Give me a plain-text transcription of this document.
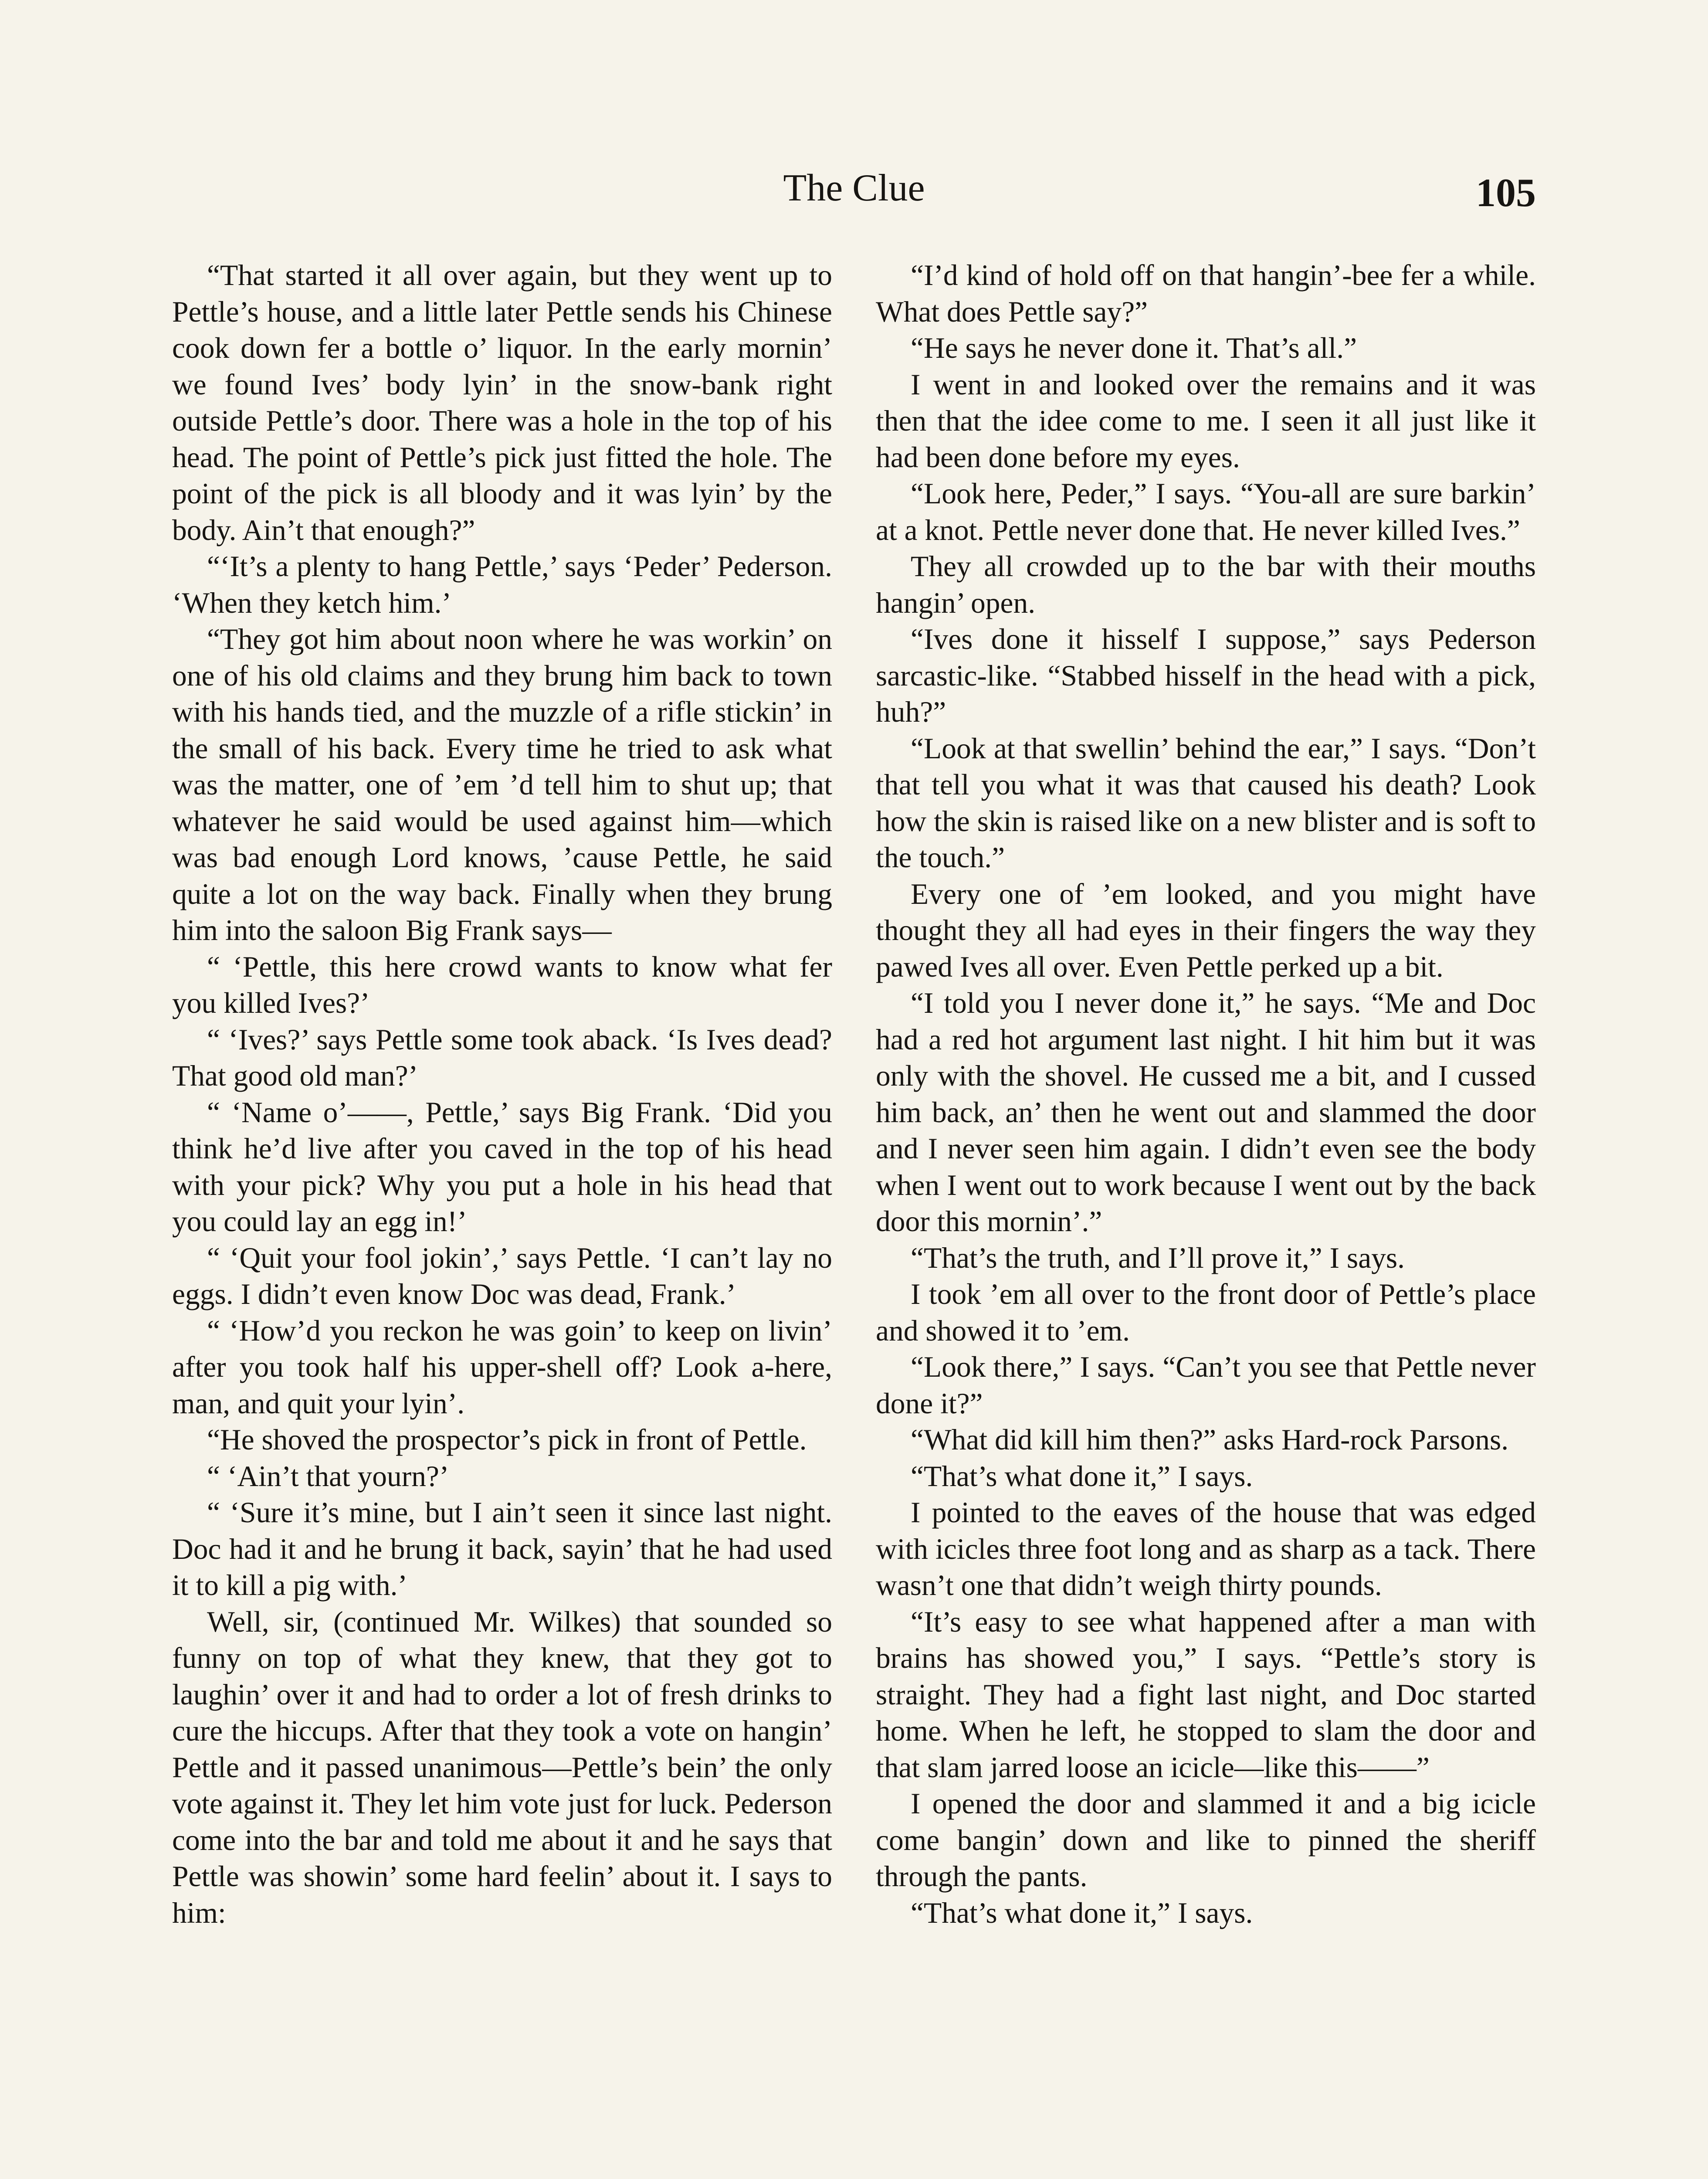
The Clue	105

“That started it all over again, but they went up to Pettle’s house, and a little later Pettle sends his Chinese cook down fer a bottle o’ liquor. In the early mornin’ we found Ives’ body lyin’ in the snow-bank right outside Pettle’s door. There was a hole in the top of his head. The point of Pettle’s pick just fitted the hole. The point of the pick is all bloody and it was lyin’ by the body. Ain’t that enough?”

“‘It’s a plenty to hang Pettle,’ says ‘Peder’ Pederson. ‘When they ketch him.’

“They got him about noon where he was workin’ on one of his old claims and they brung him back to town with his hands tied, and the muzzle of a rifle stickin’ in the small of his back. Every time he tried to ask what was the matter, one of ’em ’d tell him to shut up; that whatever he said would be used against him—which was bad enough Lord knows, ’cause Pettle, he said quite a lot on the way back. Finally when they brung him into the saloon Big Frank says—

“ ‘Pettle, this here crowd wants to know what fer you killed Ives?’

“ ‘Ives?’ says Pettle some took aback. ‘Is Ives dead? That good old man?’

“ ‘Name o’——, Pettle,’ says Big Frank. ‘Did you think he’d live after you caved in the top of his head with your pick? Why you put a hole in his head that you could lay an egg in!’

“ ‘Quit your fool jokin’,’ says Pettle. ‘I can’t lay no eggs. I didn’t even know Doc was dead, Frank.’

“ ‘How’d you reckon he was goin’ to keep on livin’ after you took half his upper-shell off? Look a-here, man, and quit your lyin’.

“He shoved the prospector’s pick in front of Pettle.

“ ‘Ain’t that yourn?’

“ ‘Sure it’s mine, but I ain’t seen it since last night. Doc had it and he brung it back, sayin’ that he had used it to kill a pig with.’

Well, sir, (continued Mr. Wilkes) that sounded so funny on top of what they knew, that they got to laughin’ over it and had to order a lot of fresh drinks to cure the hiccups. After that they took a vote on hangin’ Pettle and it passed unanimous—Pettle’s bein’ the only vote against it. They let him vote just for luck. Pederson come into the bar and told me about it and he says that Pettle was showin’ some hard feelin’ about it. I says to him:

“I’d kind of hold off on that hangin’-bee fer a while. What does Pettle say?”

“He says he never done it. That’s all.”

I went in and looked over the remains and it was then that the idee come to me. I seen it all just like it had been done before my eyes.

“Look here, Peder,” I says. “You-all are sure barkin’ at a knot. Pettle never done that. He never killed Ives.”

They all crowded up to the bar with their mouths hangin’ open.

“Ives done it hisself I suppose,” says Pederson sarcastic-like. “Stabbed hisself in the head with a pick, huh?”

“Look at that swellin’ behind the ear,” I says. “Don’t that tell you what it was that caused his death? Look how the skin is raised like on a new blister and is soft to the touch.”

Every one of ’em looked, and you might have thought they all had eyes in their fingers the way they pawed Ives all over. Even Pettle perked up a bit.

“I told you I never done it,” he says. “Me and Doc had a red hot argument last night. I hit him but it was only with the shovel. He cussed me a bit, and I cussed him back, an’ then he went out and slammed the door and I never seen him again. I didn’t even see the body when I went out to work because I went out by the back door this mornin’.”

“That’s the truth, and I’ll prove it,” I says.

I took ’em all over to the front door of Pettle’s place and showed it to ’em.

“Look there,” I says. “Can’t you see that Pettle never done it?”

“What did kill him then?” asks Hard-rock Parsons.

“That’s what done it,” I says.

I pointed to the eaves of the house that was edged with icicles three foot long and as sharp as a tack. There wasn’t one that didn’t weigh thirty pounds.

“It’s easy to see what happened after a man with brains has showed you,” I says. “Pettle’s story is straight. They had a fight last night, and Doc started home. When he left, he stopped to slam the door and that slam jarred loose an icicle—like this——”

I opened the door and slammed it and a big icicle come bangin’ down and like to pinned the sheriff through the pants.

“That’s what done it,” I says.
